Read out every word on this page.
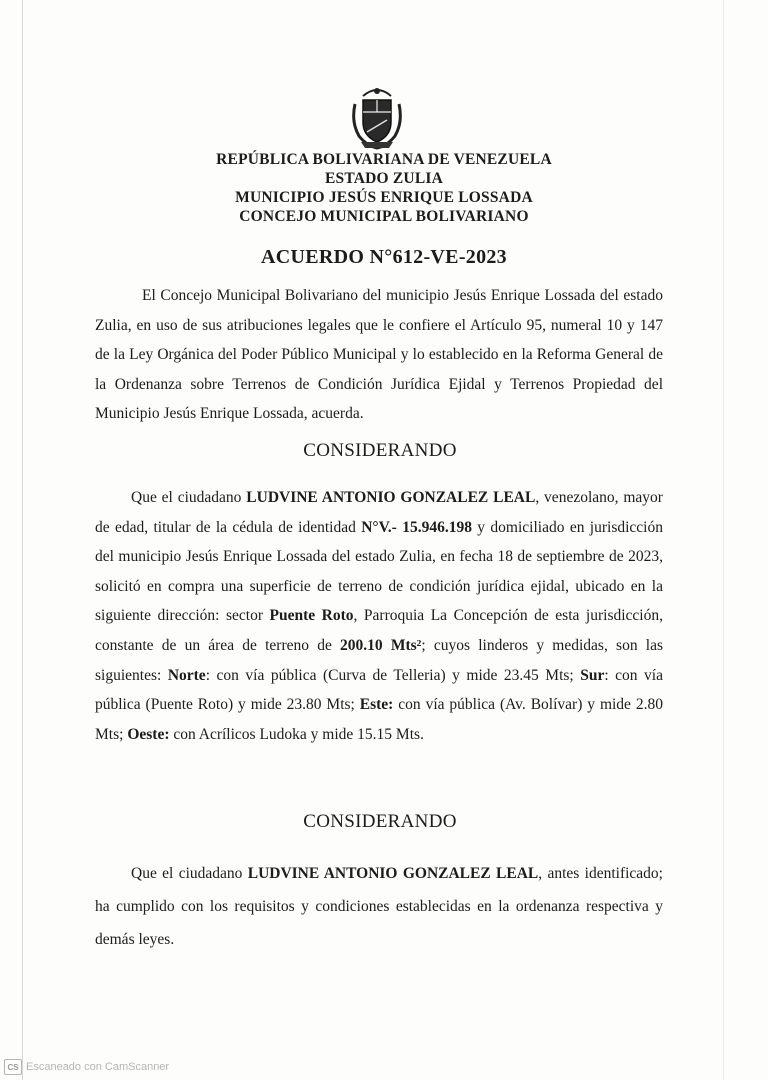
REPÚBLICA BOLIVARIANA DE VENEZUELA
ESTADO ZULIA
MUNICIPIO JESÚS ENRIQUE LOSSADA
CONCEJO MUNICIPAL BOLIVARIANO
ACUERDO N°612-VE-2023
El Concejo Municipal Bolivariano del municipio Jesús Enrique Lossada del estado Zulia, en uso de sus atribuciones legales que le confiere el Artículo 95, numeral 10 y 147 de la Ley Orgánica del Poder Público Municipal y lo establecido en la Reforma General de la Ordenanza sobre Terrenos de Condición Jurídica Ejidal y Terrenos Propiedad del Municipio Jesús Enrique Lossada, acuerda.
CONSIDERANDO
Que el ciudadano LUDVINE ANTONIO GONZALEZ LEAL, venezolano, mayor de edad, titular de la cédula de identidad N°V.- 15.946.198 y domiciliado en jurisdicción del municipio Jesús Enrique Lossada del estado Zulia, en fecha 18 de septiembre de 2023, solicitó en compra una superficie de terreno de condición jurídica ejidal, ubicado en la siguiente dirección: sector Puente Roto, Parroquia La Concepción de esta jurisdicción, constante de un área de terreno de 200.10 Mts²; cuyos linderos y medidas, son las siguientes: Norte: con vía pública (Curva de Telleria) y mide 23.45 Mts; Sur: con vía pública (Puente Roto) y mide 23.80 Mts; Este: con vía pública (Av. Bolívar) y mide 2.80 Mts; Oeste: con Acrílicos Ludoka y mide 15.15 Mts.
CONSIDERANDO
Que el ciudadano LUDVINE ANTONIO GONZALEZ LEAL, antes identificado; ha cumplido con los requisitos y condiciones establecidas en la ordenanza respectiva y demás leyes.
CS Escaneado con CamScanner
